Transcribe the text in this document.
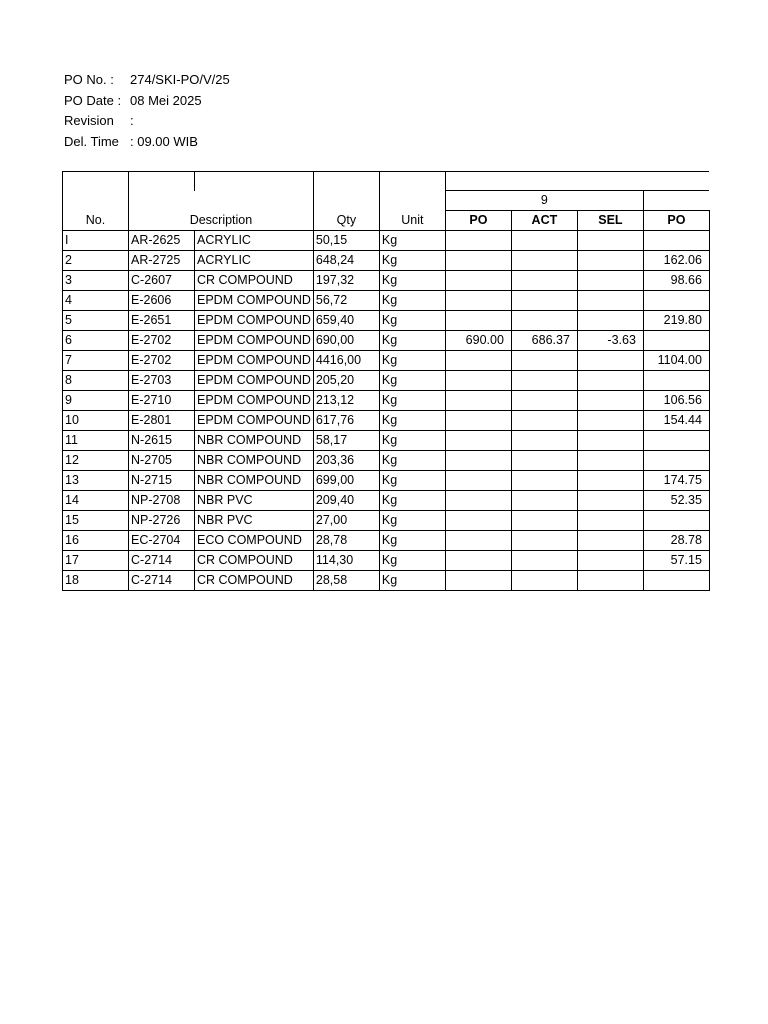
PO No. : 274/SKI-PO/V/25
PO Date : 08 Mei 2025
Revision :
Del. Time : 09.00 WIB

No.	Description		Qty	Unit	9			
					PO	ACT	SEL	PO
I	AR-2625	ACRYLIC	50,15	Kg				
2	AR-2725	ACRYLIC	648,24	Kg				162.06
3	C-2607	CR COMPOUND	197,32	Kg				98.66
4	E-2606	EPDM COMPOUND	56,72	Kg				
5	E-2651	EPDM COMPOUND	659,40	Kg				219.80
6	E-2702	EPDM COMPOUND	690,00	Kg	690.00	686.37	-3.63	
7	E-2702	EPDM COMPOUND	4416,00	Kg				1104.00
8	E-2703	EPDM COMPOUND	205,20	Kg				
9	E-2710	EPDM COMPOUND	213,12	Kg				106.56
10	E-2801	EPDM COMPOUND	617,76	Kg				154.44
11	N-2615	NBR COMPOUND	58,17	Kg				
12	N-2705	NBR COMPOUND	203,36	Kg				
13	N-2715	NBR COMPOUND	699,00	Kg				174.75
14	NP-2708	NBR PVC	209,40	Kg				52.35
15	NP-2726	NBR PVC	27,00	Kg				
16	EC-2704	ECO COMPOUND	28,78	Kg				28.78
17	C-2714	CR COMPOUND	114,30	Kg				57.15
18	C-2714	CR COMPOUND	28,58	Kg				
